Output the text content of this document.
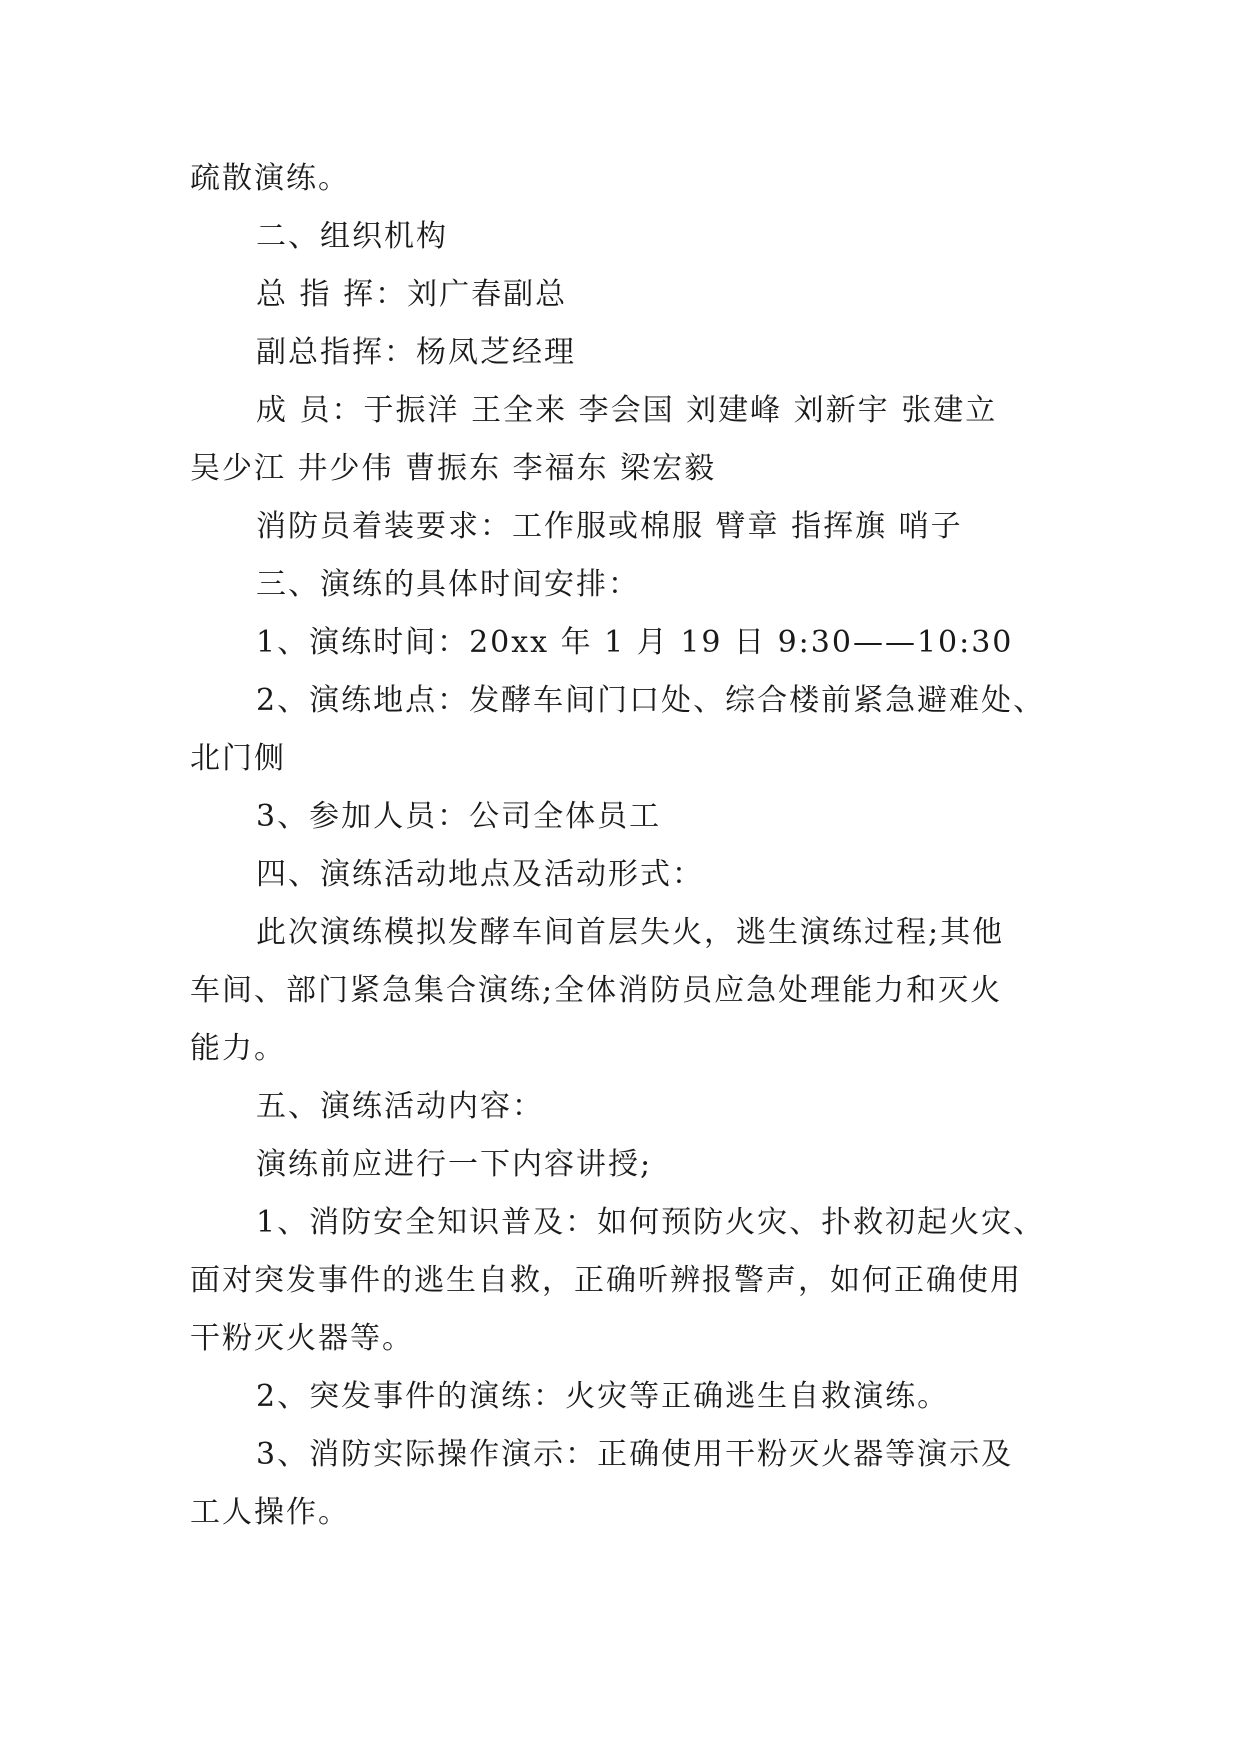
疏散演练。
二、组织机构
总 指 挥：刘广春副总
副总指挥：杨凤芝经理
成 员：于振洋 王全来 李会国 刘建峰 刘新宇 张建立
吴少江 井少伟 曹振东 李福东 梁宏毅
消防员着装要求：工作服或棉服 臂章 指挥旗 哨子
三、演练的具体时间安排：
1、演练时间：20xx 年 1 月 19 日 9:30——10:30
2、演练地点：发酵车间门口处、综合楼前紧急避难处、
北门侧
3、参加人员：公司全体员工
四、演练活动地点及活动形式：
此次演练模拟发酵车间首层失火，逃生演练过程;其他
车间、部门紧急集合演练;全体消防员应急处理能力和灭火
能力。
五、演练活动内容：
演练前应进行一下内容讲授;
1、消防安全知识普及：如何预防火灾、扑救初起火灾、
面对突发事件的逃生自救，正确听辨报警声，如何正确使用
干粉灭火器等。
2、突发事件的演练：火灾等正确逃生自救演练。
3、消防实际操作演示：正确使用干粉灭火器等演示及
工人操作。
